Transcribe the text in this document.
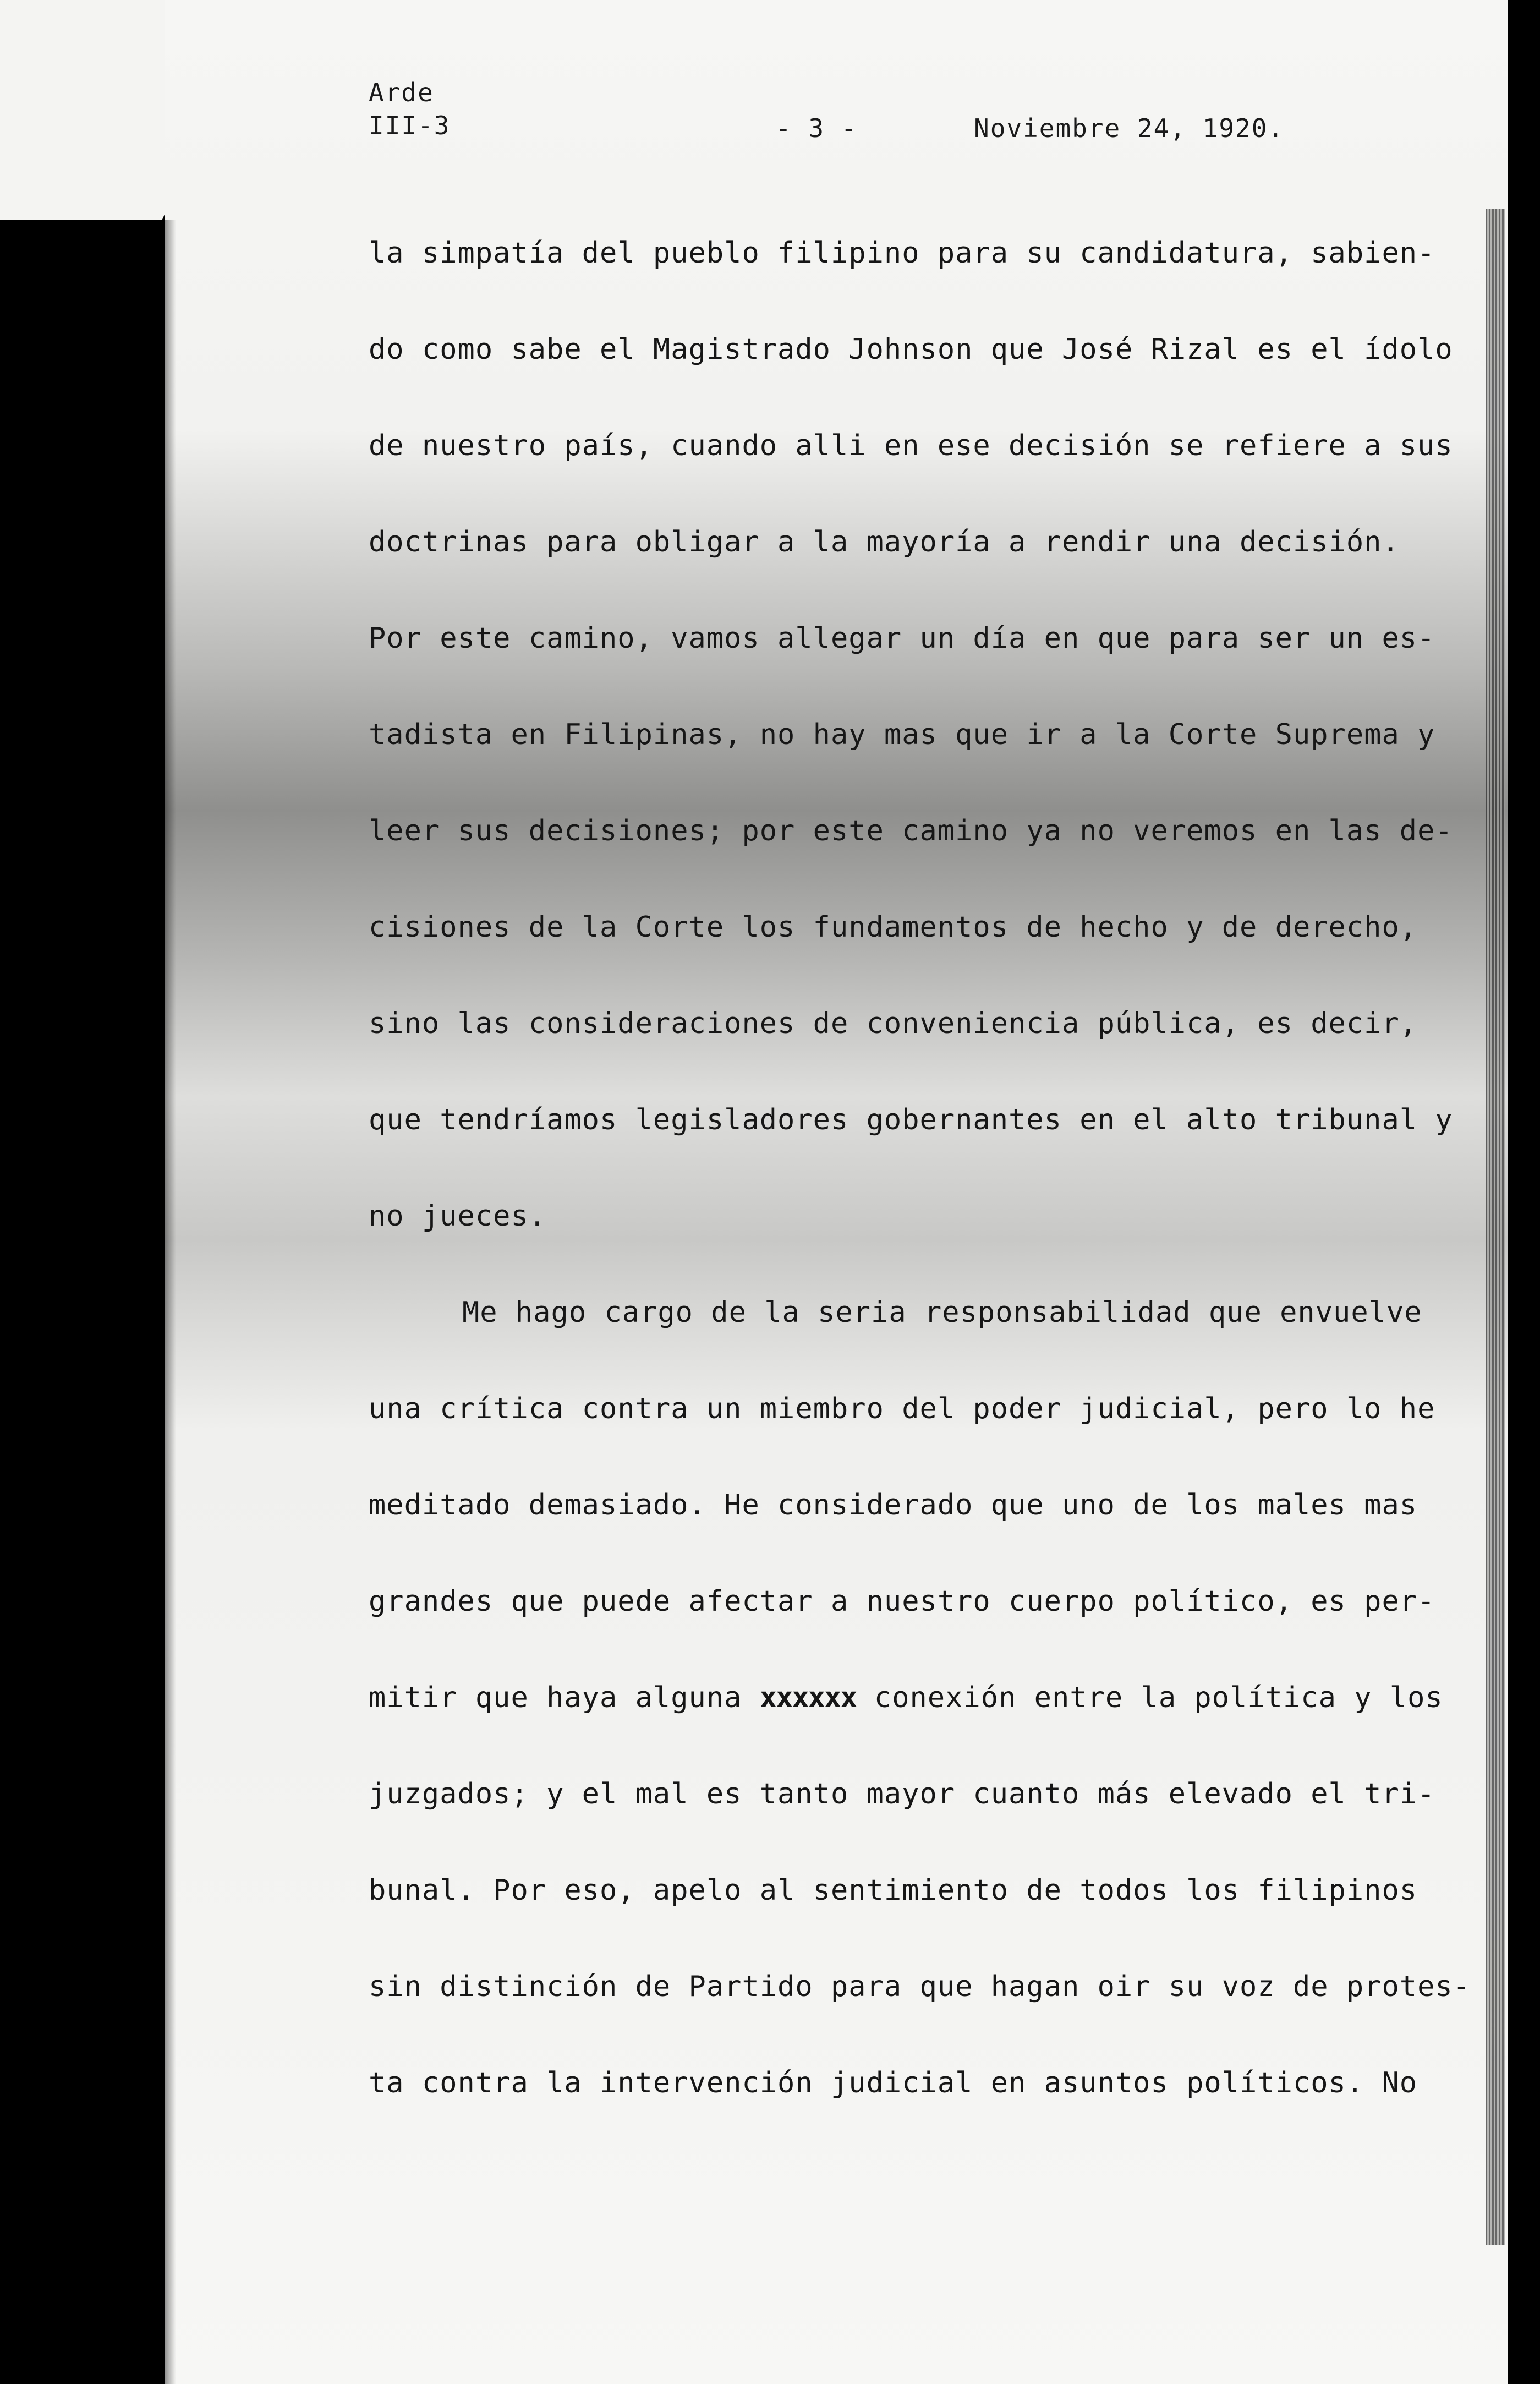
Arde
III-3	- 3 -	Noviembre 24, 1920.
la simpatía del pueblo filipino para su candidatura, sabien-
do como sabe el Magistrado Johnson que José Rizal es el ídolo
de nuestro país, cuando alli en ese decisión se refiere a sus
doctrinas para obligar a la mayoría a rendir una decisión.
Por este camino, vamos allegar un día en que para ser un es-
tadista en Filipinas, no hay mas que ir a la Corte Suprema y
leer sus decisiones; por este camino ya no veremos en las de-
cisiones de la Corte los fundamentos de hecho y de derecho,
sino las consideraciones de conveniencia pública, es decir,
que tendríamos legisladores gobernantes en el alto tribunal y
no jueces.
Me hago cargo de la seria responsabilidad que envuelve
una crítica contra un miembro del poder judicial, pero lo he
meditado demasiado. He considerado que uno de los males mas
grandes que puede afectar a nuestro cuerpo político, es per-
mitir que haya alguna xxxxxx conexión entre la política y los
juzgados; y el mal es tanto mayor cuanto más elevado el tri-
bunal. Por eso, apelo al sentimiento de todos los filipinos
sin distinción de Partido para que hagan oir su voz de protes-
ta contra la intervención judicial en asuntos políticos. No
